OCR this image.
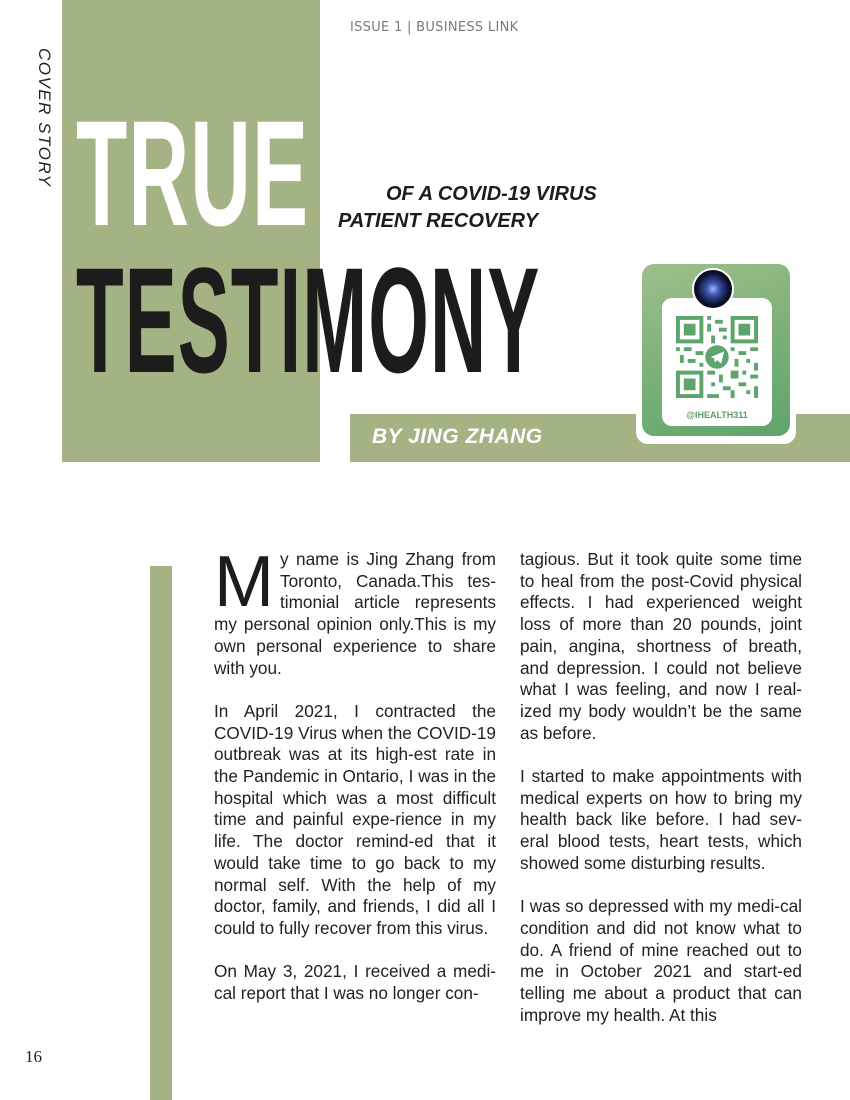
ISSUE 1 | BUSINESS LINK
COVER STORY TRUE
TESTIMONY
OF A COVID-19 VIRUS
PATIENT RECOVERY
BY JING ZHANG
@IHEALTH311

My name is Jing Zhang from Toronto, Canada.This tes-timonial article represents my personal opinion only.This is my own personal experience to share with you.

In April 2021, I contracted the COVID-19 Virus when the COVID-19 outbreak was at its high-est rate in the Pandemic in Ontario, I was in the hospital which was a most difficult time and painful expe-rience in my life. The doctor remind-ed that it would take time to go back to my normal self. With the help of my doctor, family, and friends, I did all I could to fully recover from this virus.

On May 3, 2021, I received a medi-cal report that I was no longer con-

tagious. But it took quite some time to heal from the post-Covid physical effects. I had experienced weight loss of more than 20 pounds, joint pain, angina, shortness of breath, and depression. I could not believe what I was feeling, and now I real-ized my body wouldn’t be the same as before.

I started to make appointments with medical experts on how to bring my health back like before. I had sev-eral blood tests, heart tests, which showed some disturbing results.

I was so depressed with my medi-cal condition and did not know what to do. A friend of mine reached out to me in October 2021 and start-ed telling me about a product that can improve my health. At this

16
